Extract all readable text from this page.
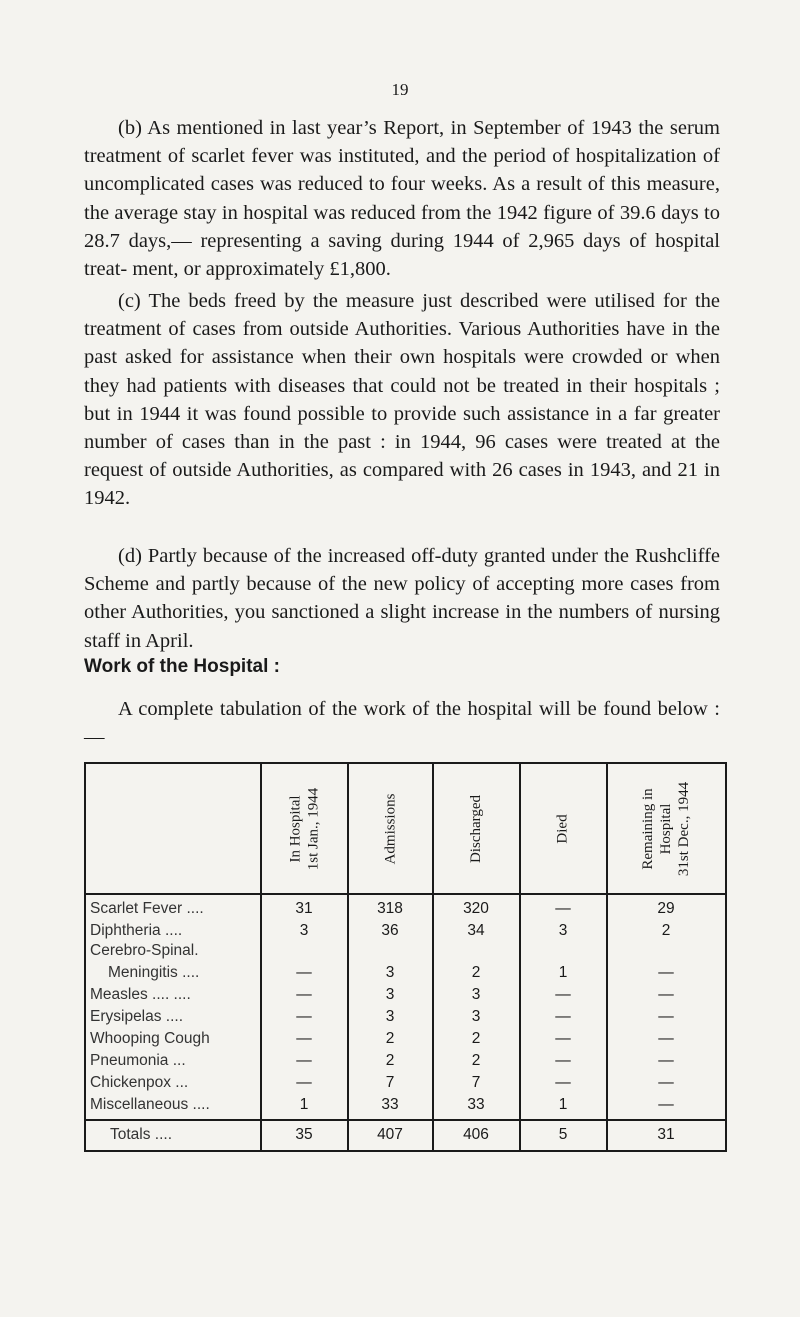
19

(b) As mentioned in last year’s Report, in September of 1943 the serum treatment of scarlet fever was instituted, and the period of hospitalization of uncomplicated cases was reduced to four weeks. As a result of this measure, the average stay in hospital was reduced from the 1942 figure of 39.6 days to 28.7 days,— representing a saving during 1944 of 2,965 days of hospital treat- ment, or approximately £1,800.

(c) The beds freed by the measure just described were utilised for the treatment of cases from outside Authorities. Various Authorities have in the past asked for assistance when their own hospitals were crowded or when they had patients with diseases that could not be treated in their hospitals ; but in 1944 it was found possible to provide such assistance in a far greater number of cases than in the past : in 1944, 96 cases were treated at the request of outside Authorities, as compared with 26 cases in 1943, and 21 in 1942.

(d) Partly because of the increased off-duty granted under the Rushcliffe Scheme and partly because of the new policy of accepting more cases from other Authorities, you sanctioned a slight increase in the numbers of nursing staff in April.

Work of the Hospital :

A complete tabulation of the work of the hospital will be found below :—

In Hospital 1st Jan., 1944	Admissions	Discharged	Died	Remaining in Hospital 31st Dec., 1944
Scarlet Fever ....	31	318	320	—	29
Diphtheria ....	3	36	34	3	2
Cerebro-Spinal.
Meningitis ....	—	3	2	1	—
Measles .... ....	—	3	3	—	—
Erysipelas ....	—	3	3	—	—
Whooping Cough	—	2	2	—	—
Pneumonia ...	—	2	2	—	—
Chickenpox ...	—	7	7	—	—
Miscellaneous ....	1	33	33	1	—
Totals ....	35	407	406	5	31
